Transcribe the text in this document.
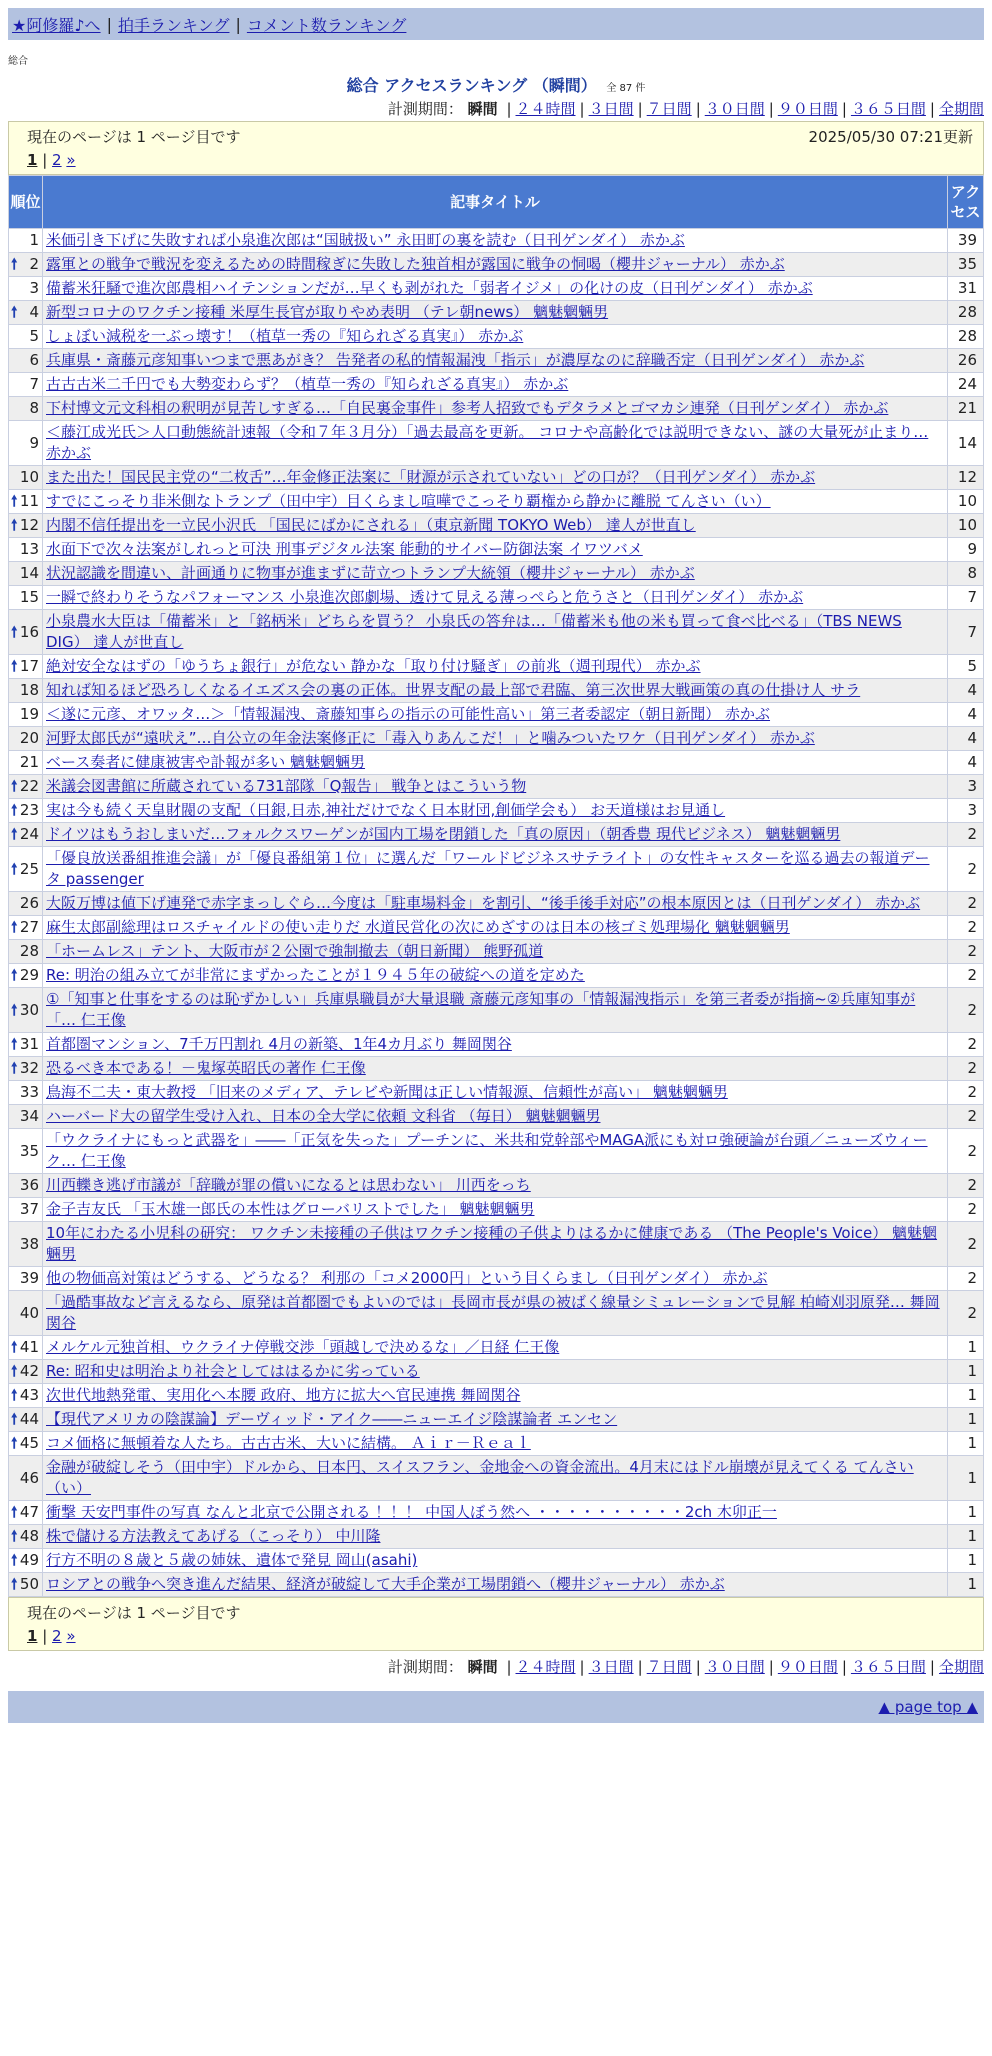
★阿修羅♪へ | 拍手ランキング | コメント数ランキング
総合
総合 アクセスランキング （瞬間） 全 87 件
計測期間： 瞬間 | ２４時間 | ３日間 | ７日間 | ３０日間 | ９０日間 | ３６５日間 | 全期間
現在のページは 1 ページ目です	2025/05/30 07:21更新
1 | 2 »
順位	記事タイトル	アクセス
1	米価引き下げに失敗すれば小泉進次郎は“国賊扱い” 永田町の裏を読む（日刊ゲンダイ） 赤かぶ	39

🠕 2	露軍との戦争で戦況を変えるための時間稼ぎに失敗した独首相が露国に戦争の恫喝（櫻井ジャーナル） 赤かぶ	35
3	備蓄米狂騒で進次郎農相ハイテンションだが…早くも剥がれた「弱者イジメ」の化けの皮（日刊ゲンダイ） 赤かぶ	31

🠕 4	新型コロナのワクチン接種 米厚生長官が取りやめ表明 （テレ朝news） 魑魅魍魎男	28
5	しょぼい減税を一ぶっ壊す！（植草一秀の『知られざる真実』） 赤かぶ	28
6	兵庫県・斎藤元彦知事いつまで悪あがき？ 告発者の私的情報漏洩「指示」が濃厚なのに辞職否定（日刊ゲンダイ） 赤かぶ	26
7	古古古米二千円でも大勢変わらず？（植草一秀の『知られざる真実』） 赤かぶ	24
8	下村博文元文科相の釈明が見苦しすぎる…「自民裏金事件」参考人招致でもデタラメとゴマカシ連発（日刊ゲンダイ） 赤かぶ	21
9	＜藤江成光氏＞人口動態統計速報（令和７年３月分）「過去最高を更新。 コロナや高齢化では説明できない、謎の大量死が止まり… 赤かぶ	14
10	また出た！国民民主党の“二枚舌”…年金修正法案に「財源が示されていない」どの口が？（日刊ゲンダイ） 赤かぶ	12

🠕 11	すでにこっそり非米側なトランプ（田中宇）目くらまし喧嘩でこっそり覇権から静かに離脱 てんさい（い）	10

🠕 12	内閣不信任提出を一立民小沢氏 「国民にばかにされる」（東京新聞 TOKYO Web） 達人が世直し	10
13	水面下で次々法案がしれっと可決 刑事デジタル法案 能動的サイバー防御法案 イワツバメ	9
14	状況認識を間違い、計画通りに物事が進まずに苛立つトランプ大統領（櫻井ジャーナル） 赤かぶ	8
15	一瞬で終わりそうなパフォーマンス 小泉進次郎劇場、透けて見える薄っぺらと危うさと（日刊ゲンダイ） 赤かぶ	7

🠕 16	小泉農水大臣は「備蓄米」と「銘柄米」どちらを買う？ 小泉氏の答弁は…「備蓄米も他の米も買って食べ比べる」（TBS NEWS DIG） 達人が世直し	7

🠕 17	絶対安全なはずの「ゆうちょ銀行」が危ない 静かな「取り付け騒ぎ」の前兆（週刊現代） 赤かぶ	5
18	知れば知るほど恐ろしくなるイエズス会の裏の正体。世界支配の最上部で君臨、第三次世界大戦画策の真の仕掛け人 サラ	4
19	＜遂に元彦、オワッタ…＞「情報漏洩、斎藤知事らの指示の可能性高い」第三者委認定（朝日新聞） 赤かぶ	4
20	河野太郎氏が“遠吠え”…自公立の年金法案修正に「毒入りあんこだ！」と噛みついたワケ（日刊ゲンダイ） 赤かぶ	4
21	ベース奏者に健康被害や訃報が多い 魑魅魍魎男	4

🠕 22	米議会図書館に所蔵されている731部隊「Q報告」 戦争とはこういう物	3

🠕 23	実は今も続く天皇財閥の支配（日銀,日赤,神社だけでなく日本財団,創価学会も） お天道様はお見通し	3

🠕 24	ドイツはもうおしまいだ…フォルクスワーゲンが国内工場を閉鎖した「真の原因」（朝香豊 現代ビジネス） 魑魅魍魎男	2

🠕 25	「優良放送番組推進会議」が「優良番組第１位」に選んだ「ワールドビジネスサテライト」の女性キャスターを巡る過去の報道データ passenger	2
26	大阪万博は値下げ連発で赤字まっしぐら…今度は「駐車場料金」を割引、“後手後手対応”の根本原因とは（日刊ゲンダイ） 赤かぶ	2

🠕 27	麻生太郎副総理はロスチャイルドの使い走りだ 水道民営化の次にめざすのは日本の核ゴミ処理場化 魑魅魍魎男	2
28	「ホームレス」テント、大阪市が２公園で強制撤去（朝日新聞） 熊野孤道	2

🠕 29	Re: 明治の組み立てが非常にまずかったことが１９４５年の破綻への道を定めた	2

🠕 30	①「知事と仕事をするのは恥ずかしい」兵庫県職員が大量退職 斎藤元彦知事の「情報漏洩指示」を第三者委が指摘~②兵庫知事が「… 仁王像	2

🠕 31	首都圏マンション、7千万円割れ 4月の新築、1年4カ月ぶり 舞岡関谷	2

🠕 32	恐るべき本である！－鬼塚英昭氏の著作 仁王像	2
33	鳥海不二夫・東大教授 「旧来のメディア、テレビや新聞は正しい情報源、信頼性が高い」 魑魅魍魎男	2
34	ハーバード大の留学生受け入れ、日本の全大学に依頼 文科省 （毎日） 魑魅魍魎男	2
35	「ウクライナにもっと武器を」――「正気を失った」プーチンに、米共和党幹部やMAGA派にも対ロ強硬論が台頭／ニューズウィーク… 仁王像	2
36	川西轢き逃げ市議が「辞職が罪の償いになるとは思わない」 川西をっち	2
37	金子吉友氏 「玉木雄一郎氏の本性はグローバリストでした」 魑魅魍魎男	2
38	10年にわたる小児科の研究： ワクチン未接種の子供はワクチン接種の子供よりはるかに健康である （The People's Voice） 魑魅魍魎男	2
39	他の物価高対策はどうする、どうなる？ 利那の「コメ2000円」という目くらまし（日刊ゲンダイ） 赤かぶ	2
40	「過酷事故など言えるなら、原発は首都圏でもよいのでは」長岡市長が県の被ばく線量シミュレーションで見解 柏崎刈羽原発… 舞岡関谷	2

🠕 41	メルケル元独首相、ウクライナ停戦交渉「頭越しで決めるな」／日経 仁王像	1

🠕 42	Re: 昭和史は明治より社会としてははるかに劣っている	1

🠕 43	次世代地熱発電、実用化へ本腰 政府、地方に拡大へ官民連携 舞岡関谷	1

🠕 44	【現代アメリカの陰謀論】デーヴィッド・アイク――ニューエイジ陰謀論者 エンセン	1

🠕 45	コメ価格に無頓着な人たち。古古古米、大いに結構。 Ａｉｒ－Ｒｅａｌ	1
46	金融が破綻しそう（田中宇）ドルから、日本円、スイスフラン、金地金への資金流出。4月末にはドル崩壊が見えてくる てんさい（い）	1

🠕 47	衝撃 天安門事件の写真 なんと北京で公開される ！！！ 中国人ぼう然へ ・・・・・・・・・・2ch 木卯正一	1

🠕 48	株で儲ける方法教えてあげる（こっそり） 中川隆	1

🠕 49	行方不明の８歳と５歳の姉妹、遺体で発見 岡山(asahi)	1

🠕 50	ロシアとの戦争へ突き進んだ結果、経済が破綻して大手企業が工場閉鎖へ（櫻井ジャーナル） 赤かぶ	1
現在のページは 1 ページ目です
1 | 2 »
計測期間： 瞬間 | ２４時間 | ３日間 | ７日間 | ３０日間 | ９０日間 | ３６５日間 | 全期間
▲ page top ▲
